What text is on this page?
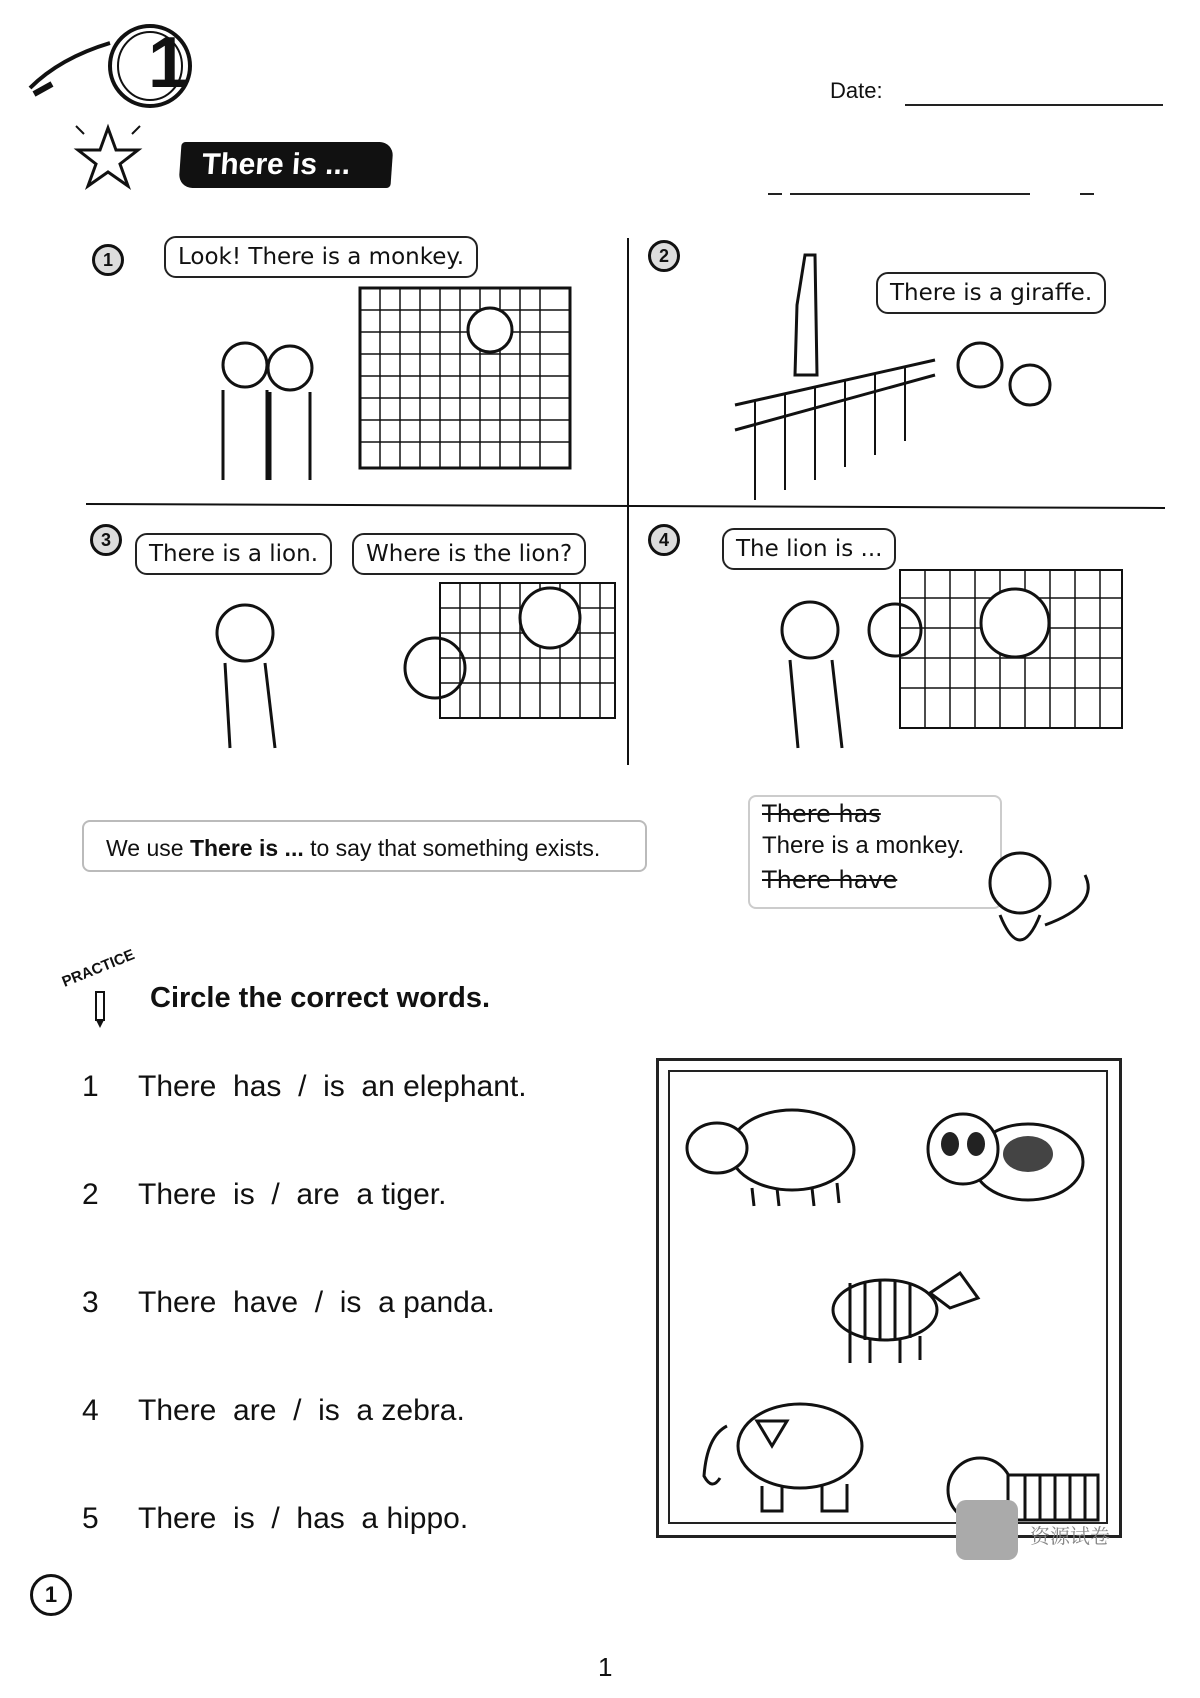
1
There is ...
Date:
1	Look! There is a monkey.	2
There is a giraffe.
3
There is a lion.	Where is the lion?
4	The lion is ...
We use There is ... to say that something exists.
There has
There is a monkey.
There have
PRACTICE
Circle the correct words.
1 There  has  /  is  an elephant.
2 There  is  /  are  a tiger.
3 There  have  /  is  a panda.
4 There  are  /  is  a zebra.
5 There  is  /  has  a hippo.
1
1
资源试卷
